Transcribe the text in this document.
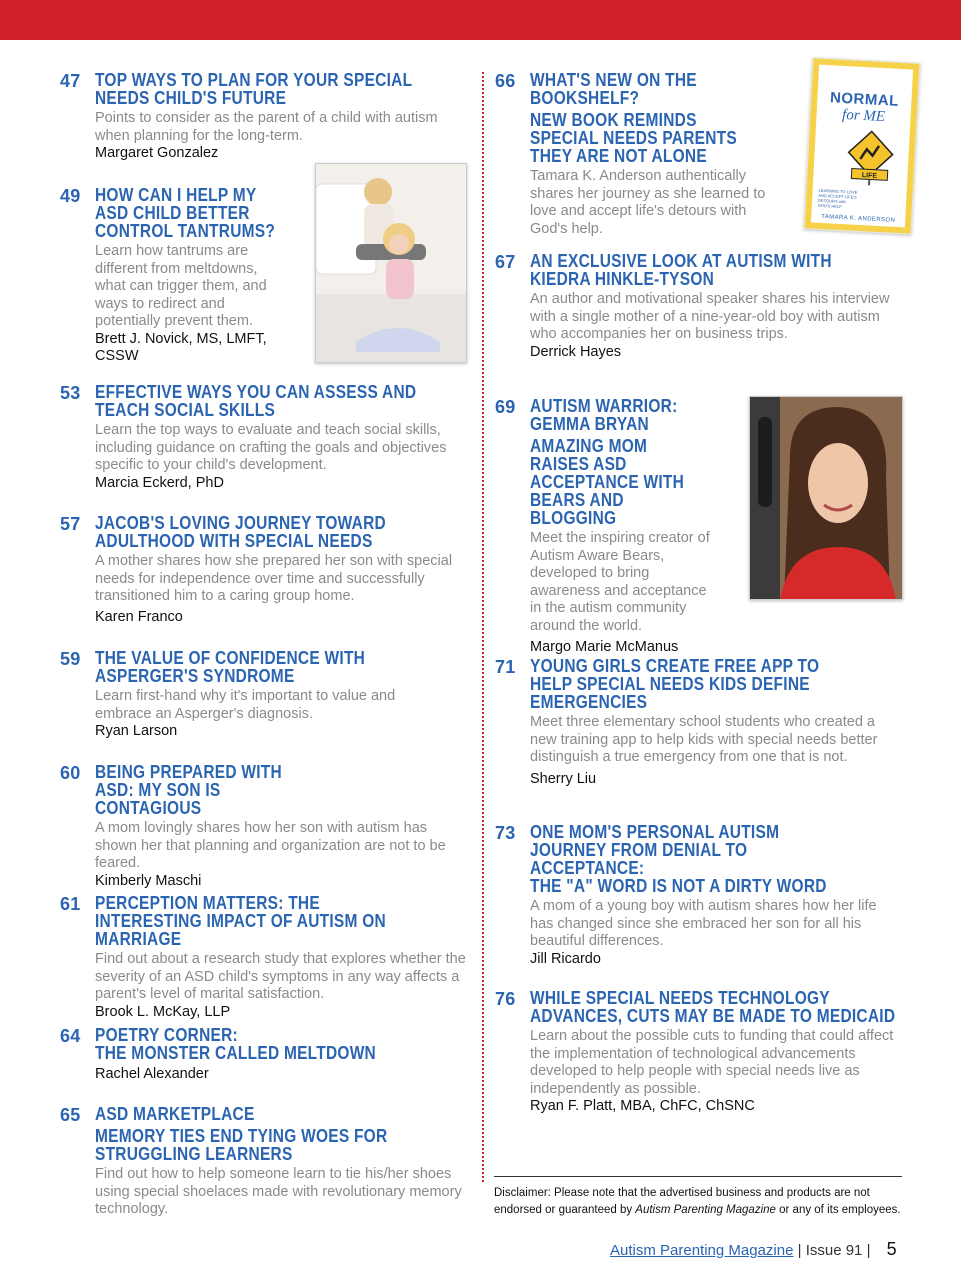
47 TOP WAYS TO PLAN FOR YOUR SPECIAL NEEDS CHILD'S FUTURE
Points to consider as the parent of a child with autism when planning for the long-term.
Margaret Gonzalez
49 HOW CAN I HELP MY ASD CHILD BETTER CONTROL TANTRUMS?
Learn how tantrums are different from meltdowns, what can trigger them, and ways to redirect and potentially prevent them.
Brett J. Novick, MS, LMFT, CSSW
53 EFFECTIVE WAYS YOU CAN ASSESS AND TEACH SOCIAL SKILLS
Learn the top ways to evaluate and teach social skills, including guidance on crafting the goals and objectives specific to your child's development.
Marcia Eckerd, PhD
57 JACOB'S LOVING JOURNEY TOWARD ADULTHOOD WITH SPECIAL NEEDS
A mother shares how she prepared her son with special needs for independence over time and successfully transitioned him to a caring group home.
Karen Franco
59 THE VALUE OF CONFIDENCE WITH ASPERGER'S SYNDROME
Learn first-hand why it's important to value and embrace an Asperger's diagnosis.
Ryan Larson
60 BEING PREPARED WITH ASD: MY SON IS CONTAGIOUS
A mom lovingly shares how her son with autism has shown her that planning and organization are not to be feared.
Kimberly Maschi
61 PERCEPTION MATTERS: THE INTERESTING IMPACT OF AUTISM ON MARRIAGE
Find out about a research study that explores whether the severity of an ASD child's symptoms in any way affects a parent's level of marital satisfaction.
Brook L. McKay, LLP
64 POETRY CORNER:
THE MONSTER CALLED MELTDOWN
Rachel Alexander
65 ASD MARKETPLACE
MEMORY TIES END TYING WOES FOR STRUGGLING LEARNERS
Find out how to help someone learn to tie his/her shoes using special shoelaces made with revolutionary memory technology.
66 WHAT'S NEW ON THE BOOKSHELF?
NEW BOOK REMINDS SPECIAL NEEDS PARENTS THEY ARE NOT ALONE
Tamara K. Anderson authentically shares her journey as she learned to love and accept life's detours with God's help.
NORMAL
for ME
LIFE
LEARNING TO LOVE AND ACCEPT LIFE'S DETOURS with GOD'S HELP
TAMARA K. ANDERSON
67 AN EXCLUSIVE LOOK AT AUTISM WITH KIEDRA HINKLE-TYSON
An author and motivational speaker shares his interview with a single mother of a nine-year-old boy with autism who accompanies her on business trips.
Derrick Hayes
69 AUTISM WARRIOR: GEMMA BRYAN
AMAZING MOM RAISES ASD ACCEPTANCE WITH BEARS AND BLOGGING
Meet the inspiring creator of Autism Aware Bears, developed to bring awareness and acceptance in the autism community around the world.
Margo Marie McManus
71 YOUNG GIRLS CREATE FREE APP TO HELP SPECIAL NEEDS KIDS DEFINE EMERGENCIES
Meet three elementary school students who created a new training app to help kids with special needs better distinguish a true emergency from one that is not.
Sherry Liu
73 ONE MOM'S PERSONAL AUTISM JOURNEY FROM DENIAL TO ACCEPTANCE:
THE "A" WORD IS NOT A DIRTY WORD
A mom of a young boy with autism shares how her life has changed since she embraced her son for all his beautiful differences.
Jill Ricardo
76 WHILE SPECIAL NEEDS TECHNOLOGY ADVANCES, CUTS MAY BE MADE TO MEDICAID
Learn about the possible cuts to funding that could affect the implementation of technological advancements developed to help people with special needs live as independently as possible.
Ryan F. Platt, MBA, ChFC, ChSNC
Disclaimer: Please note that the advertised business and products are not endorsed or guaranteed by Autism Parenting Magazine or any of its employees.
Autism Parenting Magazine | Issue 91 | 5
